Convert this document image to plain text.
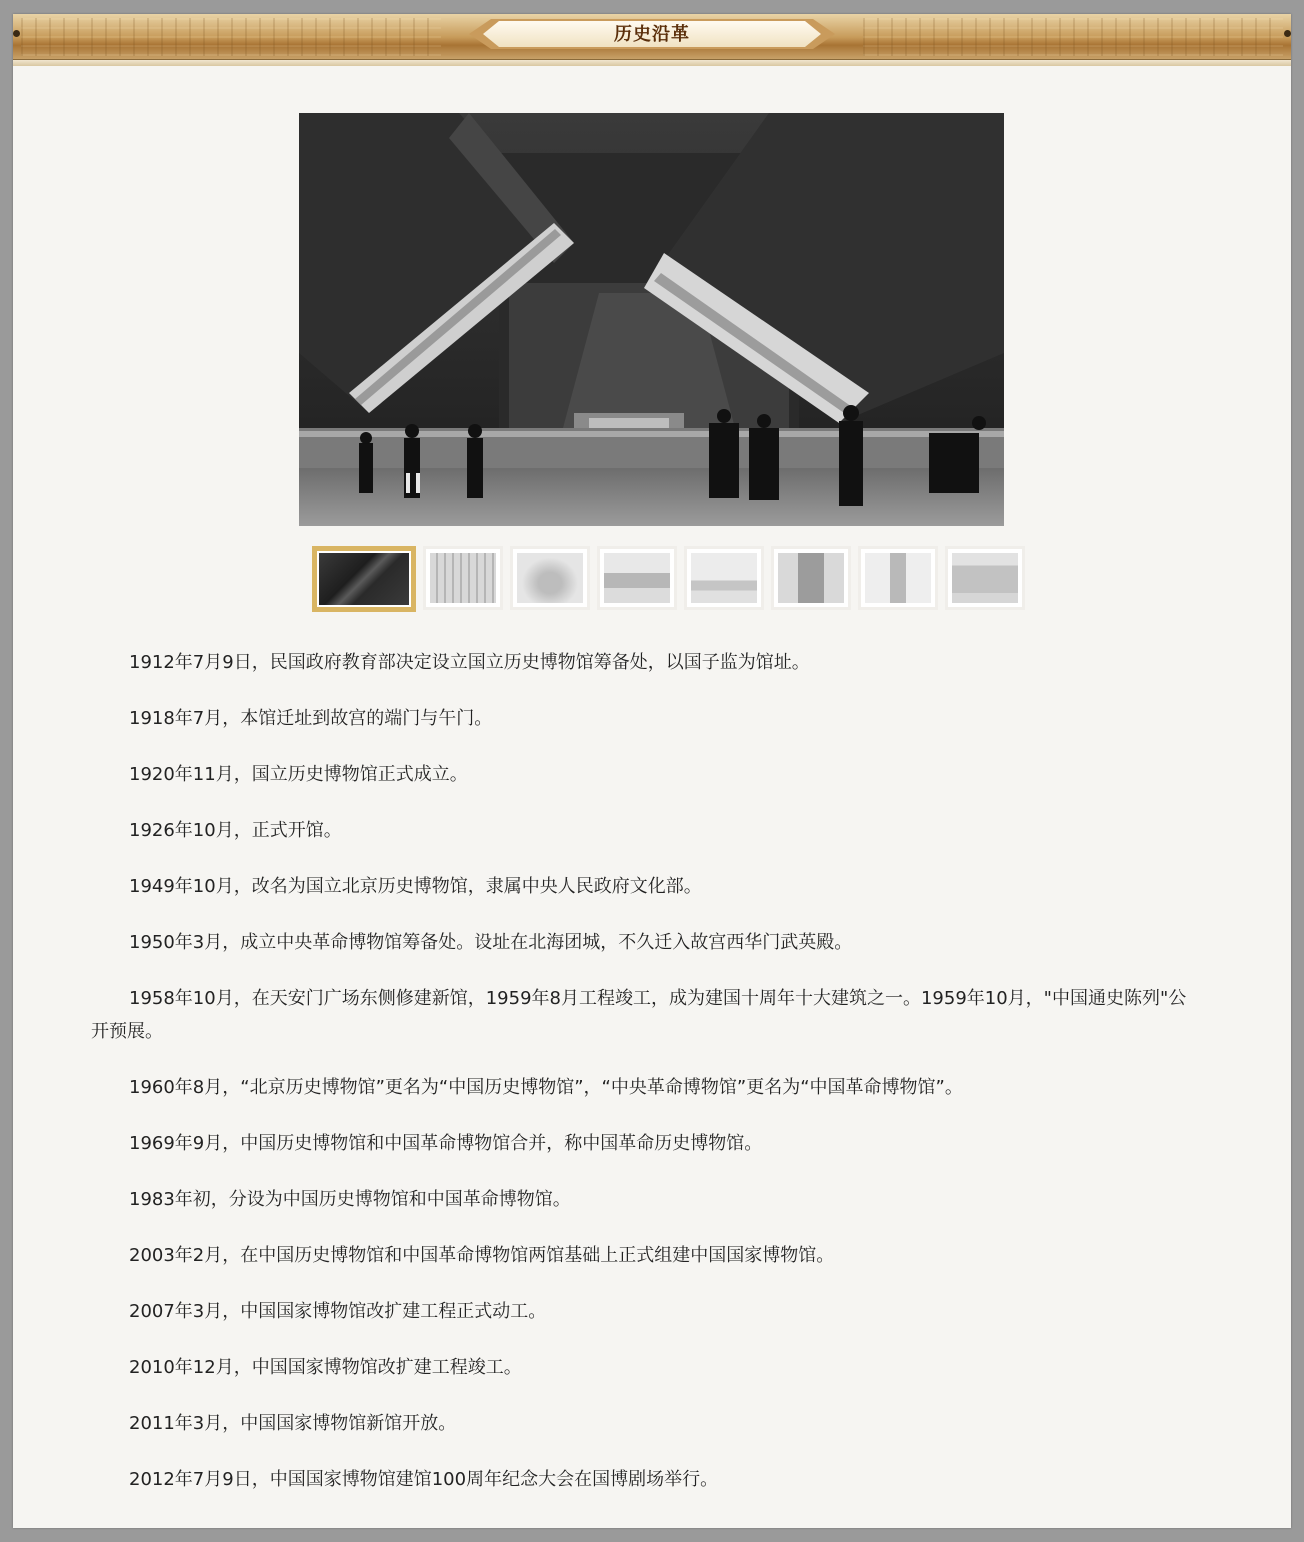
历史沿革

1912年7月9日，民国政府教育部决定设立国立历史博物馆筹备处，以国子监为馆址。

1918年7月，本馆迁址到故宫的端门与午门。

1920年11月，国立历史博物馆正式成立。

1926年10月，正式开馆。

1949年10月，改名为国立北京历史博物馆，隶属中央人民政府文化部。

1950年3月，成立中央革命博物馆筹备处。设址在北海团城，不久迁入故宫西华门武英殿。

1958年10月，在天安门广场东侧修建新馆，1959年8月工程竣工，成为建国十周年十大建筑之一。1959年10月，"中国通史陈列"公开预展。

1960年8月，“北京历史博物馆”更名为“中国历史博物馆”，“中央革命博物馆”更名为“中国革命博物馆”。

1969年9月，中国历史博物馆和中国革命博物馆合并，称中国革命历史博物馆。

1983年初，分设为中国历史博物馆和中国革命博物馆。

2003年2月，在中国历史博物馆和中国革命博物馆两馆基础上正式组建中国国家博物馆。

2007年3月，中国国家博物馆改扩建工程正式动工。

2010年12月，中国国家博物馆改扩建工程竣工。

2011年3月，中国国家博物馆新馆开放。

2012年7月9日，中国国家博物馆建馆100周年纪念大会在国博剧场举行。
